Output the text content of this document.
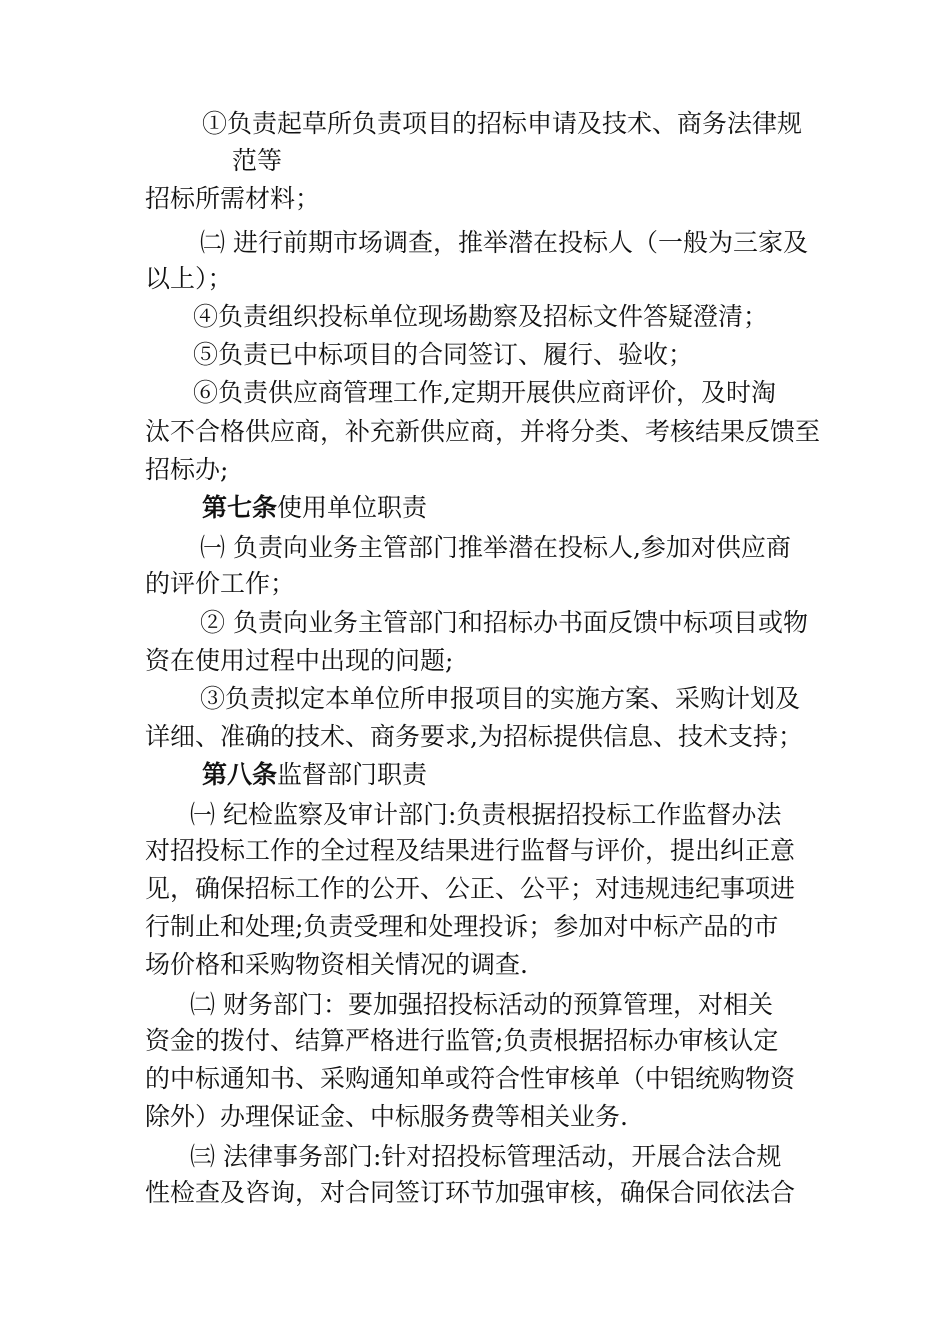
①负责起草所负责项目的招标申请及技术、商务法律规

范等

招标所需材料；

㈡ 进行前期市场调查，推举潜在投标人（一般为三家及

以上）；

④负责组织投标单位现场勘察及招标文件答疑澄清；

⑤负责已中标项目的合同签订、履行、验收；

⑥负责供应商管理工作,定期开展供应商评价，及时淘

汰不合格供应商，补充新供应商，并将分类、考核结果反馈至

招标办;

第七条使用单位职责

㈠ 负责向业务主管部门推举潜在投标人,参加对供应商

的评价工作；

② 负责向业务主管部门和招标办书面反馈中标项目或物

资在使用过程中出现的问题;

③负责拟定本单位所申报项目的实施方案、采购计划及

详细、准确的技术、商务要求,为招标提供信息、技术支持；

第八条监督部门职责

㈠ 纪检监察及审计部门:负责根据招投标工作监督办法

对招投标工作的全过程及结果进行监督与评价，提出纠正意

见，确保招标工作的公开、公正、公平；对违规违纪事项进

行制止和处理;负责受理和处理投诉；参加对中标产品的市

场价格和采购物资相关情况的调查.

㈡ 财务部门：要加强招投标活动的预算管理，对相关

资金的拨付、结算严格进行监管;负责根据招标办审核认定

的中标通知书、采购通知单或符合性审核单（中铝统购物资

除外）办理保证金、中标服务费等相关业务.

㈢ 法律事务部门:针对招投标管理活动，开展合法合规

性检查及咨询，对合同签订环节加强审核，确保合同依法合
